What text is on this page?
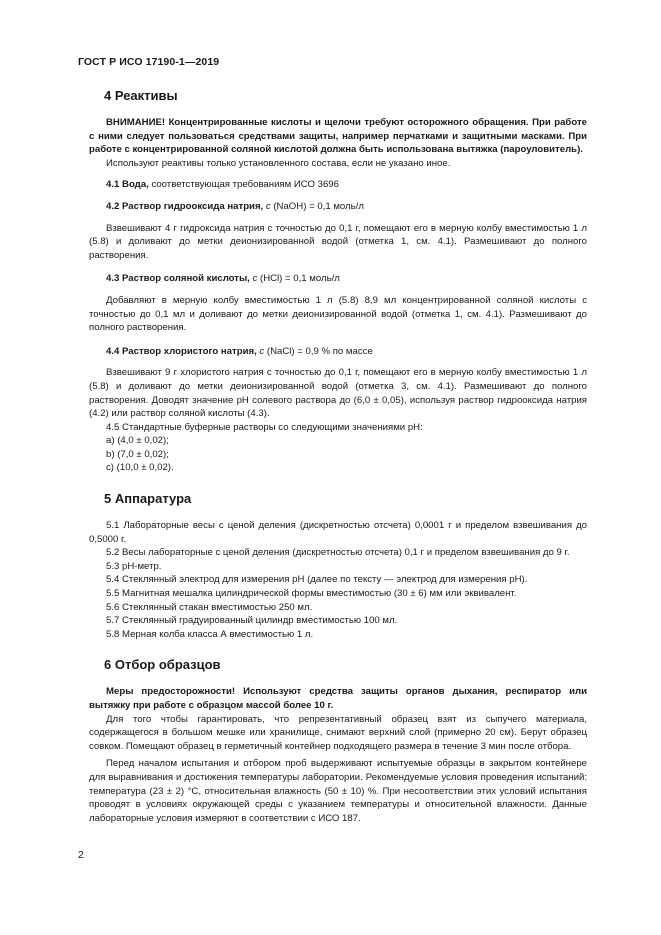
ГОСТ Р ИСО 17190-1—2019
4 Реактивы

ВНИМАНИЕ! Концентрированные кислоты и щелочи требуют осторожного обращения. При работе с ними следует пользоваться средствами защиты, например перчатками и защитными масками. При работе с концентрированной соляной кислотой должна быть использована вытяжка (пароуловитель).

Используют реактивы только установленного состава, если не указано иное.

4.1 Вода, соответствующая требованиям ИСО 3696

4.2 Раствор гидрооксида натрия, c (NaOH) = 0,1 моль/л

Взвешивают 4 г гидроксида натрия с точностью до 0,1 г, помещают его в мерную колбу вместимостью 1 л (5.8) и доливают до метки деионизированной водой (отметка 1, см. 4.1). Размешивают до полного растворения.

4.3 Раствор соляной кислоты, c (HCl) = 0,1 моль/л

Добавляют в мерную колбу вместимостью 1 л (5.8) 8,9 мл концентрированной соляной кислоты с точностью до 0,1 мл и доливают до метки деионизированной водой (отметка 1, см. 4.1). Размешивают до полного растворения.

4.4 Раствор хлористого натрия, c (NaCl) = 0,9 % по массе

Взвешивают 9 г хлористого натрия с точностью до 0,1 г, помещают его в мерную колбу вместимостью 1 л (5.8) и доливают до метки деионизированной водой (отметка 3, см. 4.1). Размешивают до полного растворения. Доводят значение рН солевого раствора до (6,0 ± 0,05), используя раствор гидрооксида натрия (4.2) или раствор соляной кислоты (4.3).

4.5 Стандартные буферные растворы со следующими значениями рН:

a) (4,0 ± 0,02);

b) (7,0 ± 0,02);

c) (10,0 ± 0,02).

5 Аппаратура

5.1 Лабораторные весы с ценой деления (дискретностью отсчета) 0,0001 г и пределом взвешивания до 0,5000 г.

5.2 Весы лабораторные с ценой деления (дискретностью отсчета) 0,1 г и пределом взвешивания до 9 г.

5.3 pH-метр.

5.4 Стеклянный электрод для измерения рН (далее по тексту — электрод для измерения рН).

5.5 Магнитная мешалка цилиндрической формы вместимостью (30 ± 6) мм или эквивалент.

5.6 Стеклянный стакан вместимостью 250 мл.

5.7 Стеклянный градуированный цилиндр вместимостью 100 мл.

5.8 Мерная колба класса А вместимостью 1 л.

6 Отбор образцов

Меры предосторожности! Используют средства защиты органов дыхания, респиратор или вытяжку при работе с образцом массой более 10 г.

Для того чтобы гарантировать, что репрезентативный образец взят из сыпучего материала, содержащегося в большом мешке или хранилище, снимают верхний слой (примерно 20 см). Берут образец совком. Помещают образец в герметичный контейнер подходящего размера в течение 3 мин после отбора.

Перед началом испытания и отбором проб выдерживают испытуемые образцы в закрытом контейнере для выравнивания и достижения температуры лаборатории. Рекомендуемые условия проведения испытаний: температура (23 ± 2) °С, относительная влажность (50 ± 10) %. При несоответствии этих условий испытания проводят в условиях окружающей среды с указанием температуры и относительной влажности. Данные лабораторные условия измеряют в соответствии с ИСО 187.

2
